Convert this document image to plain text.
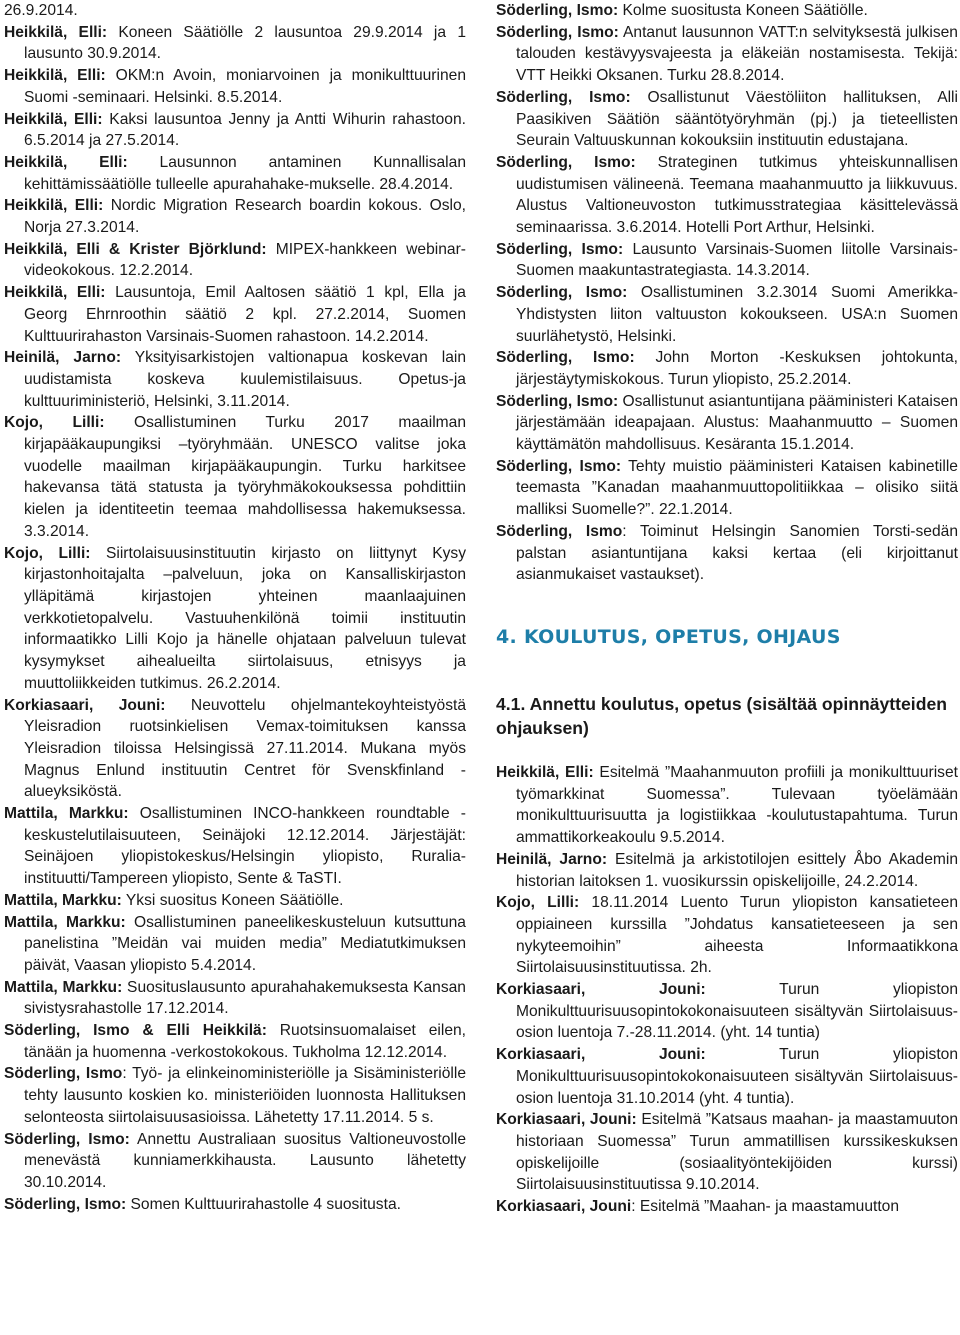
26.9.2014.

Heikkilä, Elli: Koneen Säätiölle 2 lausuntoa 29.9.2014 ja 1 lausunto 30.9.2014.

Heikkilä, Elli: OKM:n Avoin, moniarvoinen ja monikulttuurinen Suomi -seminaari. Helsinki. 8.5.2014.

Heikkilä, Elli: Kaksi lausuntoa Jenny ja Antti Wihurin rahastoon. 6.5.2014 ja 27.5.2014.

Heikkilä, Elli: Lausunnon antaminen Kunnallisalan kehittämissäätiölle tulleelle apurahahake-mukselle. 28.4.2014.

Heikkilä, Elli: Nordic Migration Research boardin kokous. Oslo, Norja 27.3.2014.

Heikkilä, Elli & Krister Björklund: MIPEX-hankkeen webinar-videokokous. 12.2.2014.

Heikkilä, Elli: Lausuntoja, Emil Aaltosen säätiö 1 kpl, Ella ja Georg Ehrnroothin säätiö 2 kpl. 27.2.2014, Suomen Kulttuurirahaston Varsinais-Suomen rahastoon. 14.2.2014.

Heinilä, Jarno: Yksityisarkistojen valtionapua koskevan lain uudistamista koskeva kuulemistilaisuus. Opetus-ja kulttuuriministeriö, Helsinki, 3.11.2014.

Kojo, Lilli: Osallistuminen Turku 2017 maailman kirjapääkaupungiksi –työryhmään. UNESCO valitse joka vuodelle maailman kirjapääkaupungin. Turku harkitsee hakevansa tätä statusta ja työryhmäkokouksessa pohdittiin kielen ja identiteetin teemaa mahdollisessa hakemuksessa. 3.3.2014.

Kojo, Lilli: Siirtolaisuusinstituutin kirjasto on liittynyt Kysy kirjastonhoitajalta –palveluun, joka on Kansalliskirjaston ylläpitämä kirjastojen yhteinen maanlaajuinen verkkotietopalvelu. Vastuuhenkilönä toimii instituutin informaatikko Lilli Kojo ja hänelle ohjataan palveluun tulevat kysymykset aihealueilta siirtolaisuus, etnisyys ja muuttoliikkeiden tutkimus. 26.2.2014.

Korkiasaari, Jouni: Neuvottelu ohjelmantekoyhteistyöstä Yleisradion ruotsinkielisen Vemax-toimituksen kanssa Yleisradion tiloissa Helsingissä 27.11.2014. Mukana myös Magnus Enlund instituutin Centret för Svenskfinland -alueyksiköstä.

Mattila, Markku: Osallistuminen INCO-hankkeen roundtable -keskustelutilaisuuteen, Seinäjoki 12.12.2014. Järjestäjät: Seinäjoen yliopistokeskus/Helsingin yliopisto, Ruralia-instituutti/Tampereen yliopisto, Sente & TaSTI.

Mattila, Markku: Yksi suositus Koneen Säätiölle.

Mattila, Markku: Osallistuminen paneelikeskusteluun kutsuttuna panelistina ”Meidän vai muiden media” Mediatutkimuksen päivät, Vaasan yliopisto 5.4.2014.

Mattila, Markku: Suosituslausunto apurahahakemuksesta Kansan sivistysrahastolle 17.12.2014.

Söderling, Ismo & Elli Heikkilä: Ruotsinsuomalaiset eilen, tänään ja huomenna -verkostokokous. Tukholma 12.12.2014.

Söderling, Ismo: Työ- ja elinkeinoministeriölle ja Sisäministeriölle tehty lausunto koskien ko. ministeriöiden luonnosta Hallituksen selonteosta siirtolaisuusasioissa. Lähetetty 17.11.2014. 5 s.

Söderling, Ismo: Annettu Australiaan suositus Valtioneuvostolle menevästä kunniamerkkihausta. Lausunto lähetetty 30.10.2014.

Söderling, Ismo: Somen Kulttuurirahastolle 4 suositusta.

Söderling, Ismo: Kolme suositusta Koneen Säätiölle.

Söderling, Ismo: Antanut lausunnon VATT:n selvityksestä julkisen talouden kestävyysvajeesta ja eläkeiän nostamisesta. Tekijä: VTT Heikki Oksanen. Turku 28.8.2014.

Söderling, Ismo: Osallistunut Väestöliiton hallituksen, Alli Paasikiven Säätiön sääntötyöryhmän (pj.) ja tieteellisten Seurain Valtuuskunnan kokouksiin instituutin edustajana.

Söderling, Ismo: Strateginen tutkimus yhteiskunnallisen uudistumisen välineenä. Teemana maahanmuutto ja liikkuvuus. Alustus Valtioneuvoston tutkimusstrategiaa käsittelevässä seminaarissa. 3.6.2014. Hotelli Port Arthur, Helsinki.

Söderling, Ismo: Lausunto Varsinais-Suomen liitolle Varsinais-Suomen maakuntastrategiasta. 14.3.2014.

Söderling, Ismo: Osallistuminen 3.2.3014 Suomi Amerikka-Yhdistysten liiton valtuuston kokoukseen. USA:n Suomen suurlähetystö, Helsinki.

Söderling, Ismo: John Morton -Keskuksen johtokunta, järjestäytymiskokous. Turun yliopisto, 25.2.2014.

Söderling, Ismo: Osallistunut asiantuntijana pääministeri Kataisen järjestämään ideapajaan. Alustus: Maahanmuutto – Suomen käyttämätön mahdollisuus. Kesäranta 15.1.2014.

Söderling, Ismo: Tehty muistio pääministeri Kataisen kabinetille teemasta ”Kanadan maahanmuuttopolitiikkaa – olisiko siitä malliksi Suomelle?”. 22.1.2014.

Söderling, Ismo: Toiminut Helsingin Sanomien Torsti-sedän palstan asiantuntijana kaksi kertaa (eli kirjoittanut asianmukaiset vastaukset).

4. KOULUTUS, OPETUS, OHJAUS
4.1. Annettu koulutus, opetus (sisältää opinnäytteiden ohjauksen)

Heikkilä, Elli: Esitelmä ”Maahanmuuton profiili ja monikulttuuriset työmarkkinat Suomessa”. Tulevaan työelämään monikulttuurisuutta ja logistiikkaa -koulutustapahtuma. Turun ammattikorkeakoulu 9.5.2014.

Heinilä, Jarno: Esitelmä ja arkistotilojen esittely Åbo Akademin historian laitoksen 1. vuosikurssin opiskelijoille, 24.2.2014.

Kojo, Lilli: 18.11.2014 Luento Turun yliopiston kansatieteen oppiaineen kurssilla ”Johdatus kansatieteeseen ja sen nykyteemoihin” aiheesta Informaatikkona Siirtolaisuusinstituutissa. 2h.

Korkiasaari, Jouni: Turun yliopiston Monikulttuurisuusopintokokonaisuuteen sisältyvän Siirtolaisuus-osion luentoja 7.-28.11.2014. (yht. 14 tuntia)

Korkiasaari, Jouni: Turun yliopiston Monikulttuurisuusopintokokonaisuuteen sisältyvän Siirtolaisuus-osion luentoja 31.10.2014 (yht. 4 tuntia).

Korkiasaari, Jouni: Esitelmä ”Katsaus maahan- ja maastamuuton historiaan Suomessa” Turun ammatillisen kurssikeskuksen opiskelijoille (sosiaalityöntekijöiden kurssi) Siirtolaisuusinstituutissa 9.10.2014.

Korkiasaari, Jouni: Esitelmä ”Maahan- ja maastamuutton
